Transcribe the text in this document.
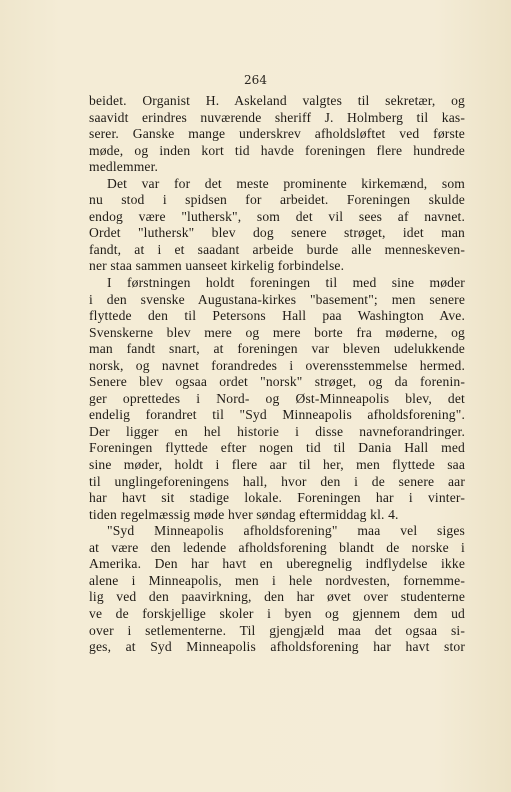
264
beidet. Organist H. Askeland valgtes til sekretær, og
saavidt erindres nuværende sheriff J. Holmberg til kas-
serer. Ganske mange underskrev afholdsløftet ved første
møde, og inden kort tid havde foreningen flere hundrede
medlemmer.
Det var for det meste prominente kirkemænd, som
nu stod i spidsen for arbeidet. Foreningen skulde
endog være "luthersk", som det vil sees af navnet.
Ordet "luthersk" blev dog senere strøget, idet man
fandt, at i et saadant arbeide burde alle menneskeven-
ner staa sammen uanseet kirkelig forbindelse.
I førstningen holdt foreningen til med sine møder
i den svenske Augustana-kirkes "basement"; men senere
flyttede den til Petersons Hall paa Washington Ave.
Svenskerne blev mere og mere borte fra møderne, og
man fandt snart, at foreningen var bleven udelukkende
norsk, og navnet forandredes i overensstemmelse hermed.
Senere blev ogsaa ordet "norsk" strøget, og da forenin-
ger oprettedes i Nord- og Øst-Minneapolis blev, det
endelig forandret til "Syd Minneapolis afholdsforening".
Der ligger en hel historie i disse navneforandringer.
Foreningen flyttede efter nogen tid til Dania Hall med
sine møder, holdt i flere aar til her, men flyttede saa
til unglingeforeningens hall, hvor den i de senere aar
har havt sit stadige lokale. Foreningen har i vinter-
tiden regelmæssig møde hver søndag eftermiddag kl. 4.
"Syd Minneapolis afholdsforening" maa vel siges
at være den ledende afholdsforening blandt de norske i
Amerika. Den har havt en uberegnelig indflydelse ikke
alene i Minneapolis, men i hele nordvesten, fornemme-
lig ved den paavirkning, den har øvet over studenterne
ve de forskjellige skoler i byen og gjennem dem ud
over i setlementerne. Til gjengjæld maa det ogsaa si-
ges, at Syd Minneapolis afholdsforening har havt stor
